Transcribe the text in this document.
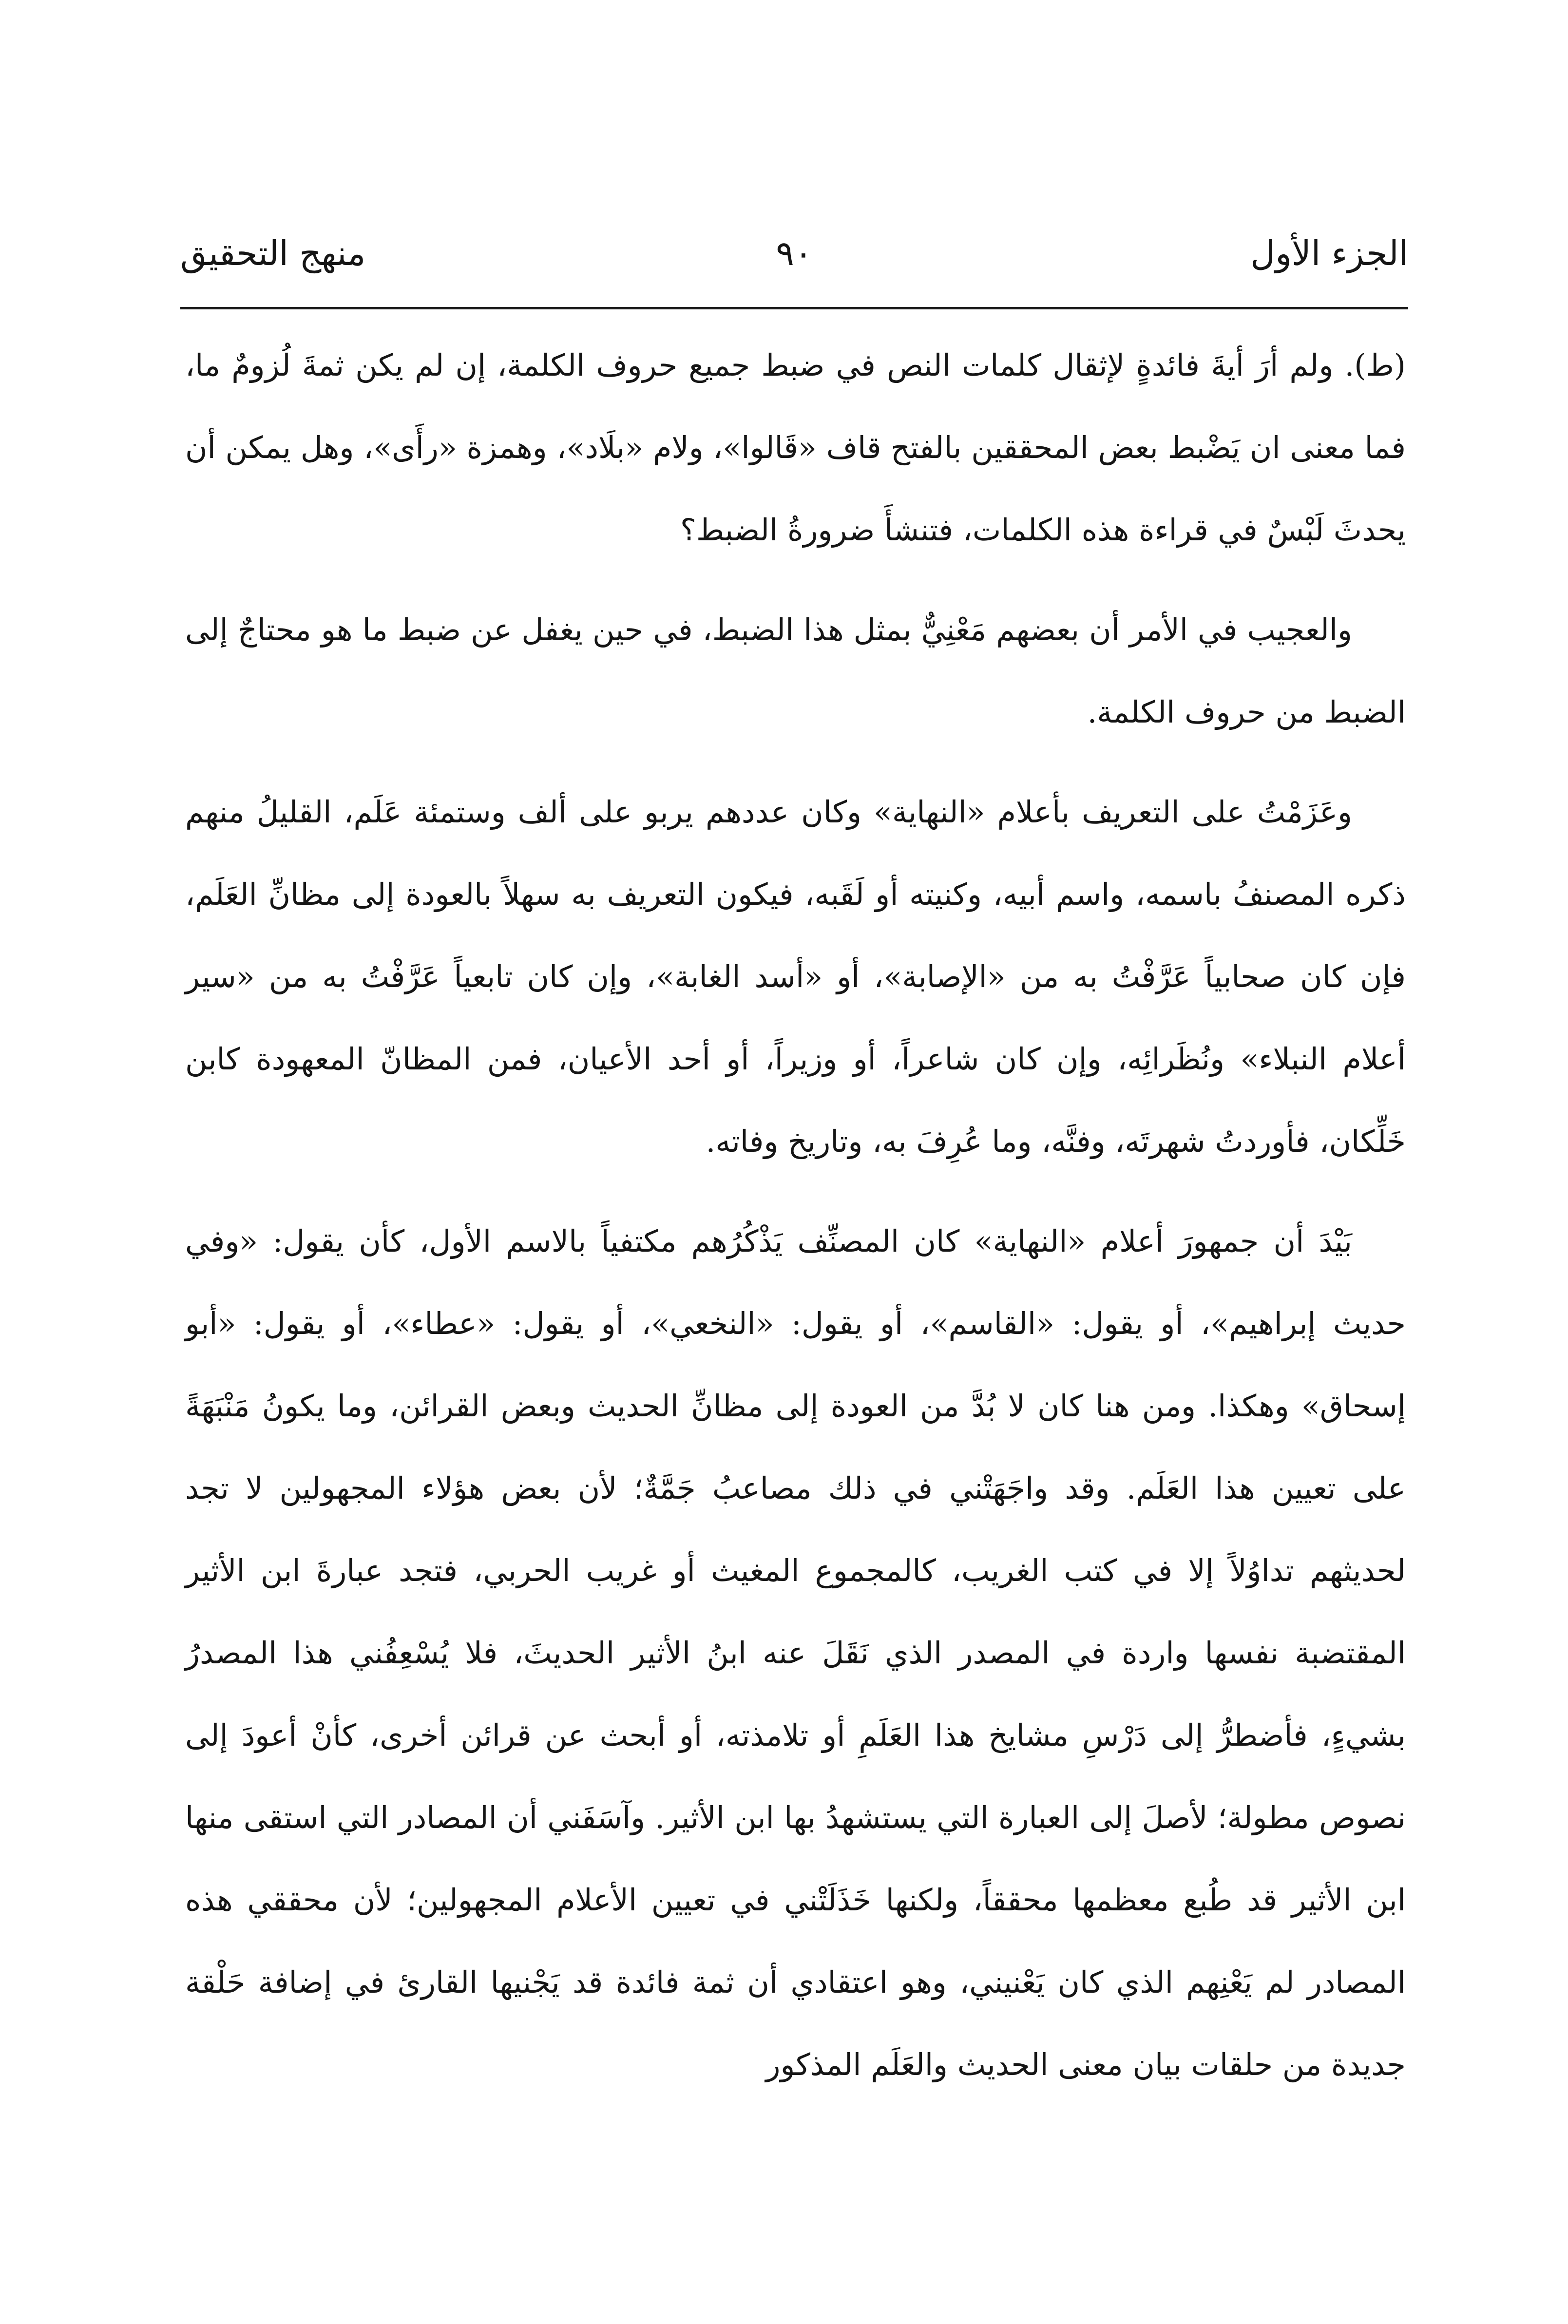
الجزء الأول
٩٠
منهج التحقيق

(ط). ولم أرَ أيةَ فائدةٍ لإثقال كلمات النص في ضبط جميع حروف الكلمة، إن لم يكن ثمةَ لُزومٌ ما، فما معنى ان يَضْبط بعض المحققين بالفتح قاف «قَالوا»، ولام «بلَاد»، وهمزة «رأَى»، وهل يمكن أن يحدثَ لَبْسٌ في قراءة هذه الكلمات، فتنشأَ ضرورةُ الضبط؟

والعجيب في الأمر أن بعضهم مَعْنِيٌّ بمثل هذا الضبط، في حين يغفل عن ضبط ما هو محتاجٌ إلى الضبط من حروف الكلمة.

وعَزَمْتُ على التعريف بأعلام «النهاية» وكان عددهم يربو على ألف وستمئة عَلَم، القليلُ منهم ذكره المصنفُ باسمه، واسم أبيه، وكنيته أو لَقَبه، فيكون التعريف به سهلاً بالعودة إلى مظانِّ العَلَم، فإن كان صحابياً عَرَّفْتُ به من «الإصابة»، أو «أسد الغابة»، وإن كان تابعياً عَرَّفْتُ به من «سير أعلام النبلاء» ونُظَرائِه، وإن كان شاعراً، أو وزيراً، أو أحد الأعيان، فمن المظانّ المعهودة كابن خَلِّكان، فأوردتُ شهرتَه، وفنَّه، وما عُرِفَ به، وتاريخ وفاته.

بَيْدَ أن جمهورَ أعلام «النهاية» كان المصنِّف يَذْكُرُهم مكتفياً بالاسم الأول، كأن يقول: «وفي حديث إبراهيم»، أو يقول: «القاسم»، أو يقول: «النخعي»، أو يقول: «عطاء»، أو يقول: «أبو إسحاق» وهكذا. ومن هنا كان لا بُدَّ من العودة إلى مظانِّ الحديث وبعض القرائن، وما يكونُ مَنْبَهَةً على تعيين هذا العَلَم. وقد واجَهَتْني في ذلك مصاعبُ جَمَّةٌ؛ لأن بعض هؤلاء المجهولين لا تجد لحديثهم تداوُلاً إلا في كتب الغريب، كالمجموع المغيث أو غريب الحربي، فتجد عبارةَ ابن الأثير المقتضبة نفسها واردة في المصدر الذي نَقَلَ عنه ابنُ الأثير الحديثَ، فلا يُسْعِفُني هذا المصدرُ بشيءٍ، فأضطرُّ إلى دَرْسِ مشايخ هذا العَلَمِ أو تلامذته، أو أبحث عن قرائن أخرى، كأنْ أعودَ إلى نصوص مطولة؛ لأصلَ إلى العبارة التي يستشهدُ بها ابن الأثير. وآسَفَني أن المصادر التي استقى منها ابن الأثير قد طُبع معظمها محققاً، ولكنها خَذَلَتْني في تعيين الأعلام المجهولين؛ لأن محققي هذه المصادر لم يَعْنِهم الذي كان يَعْنيني، وهو اعتقادي أن ثمة فائدة قد يَجْنيها القارئ في إضافة حَلْقة جديدة من حلقات بيان معنى الحديث والعَلَم المذكور
